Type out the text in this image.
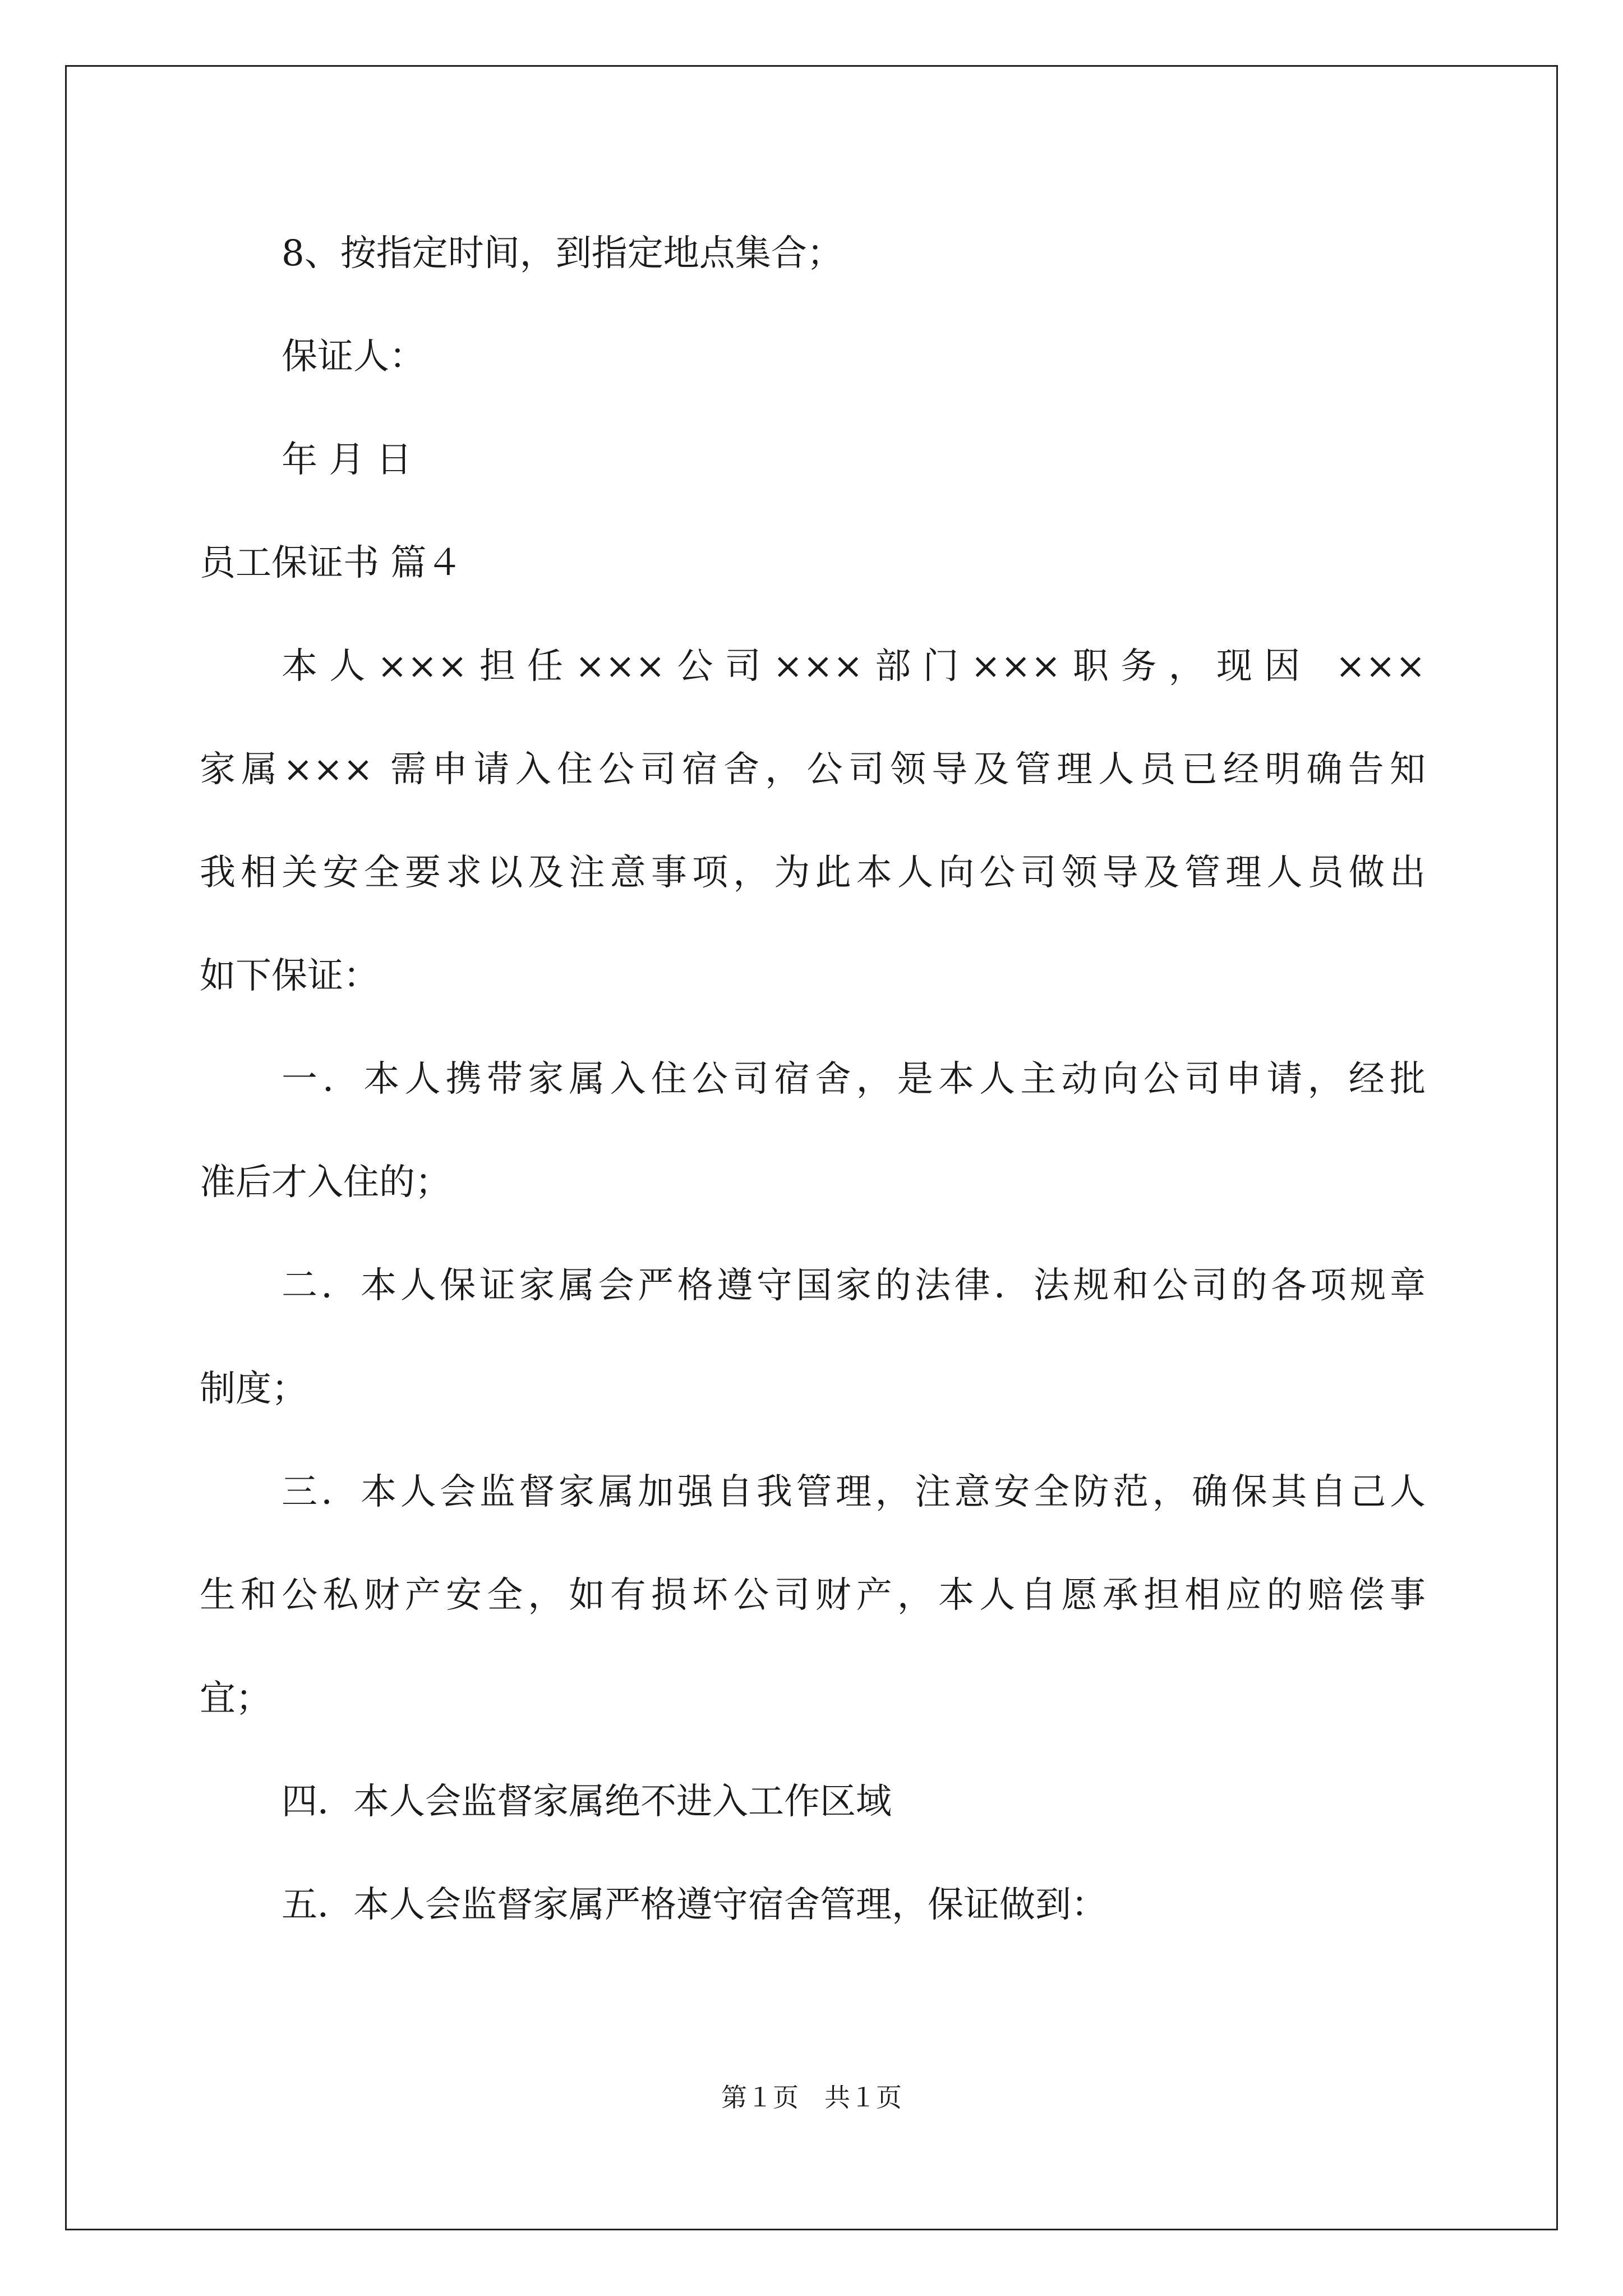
8、按指定时间，到指定地点集合；

保证人：

年 月 日

员工保证书 篇４

本人×××担任×××公司×××部门×××职务，现因 ×××

家属××× 需申请入住公司宿舍，公司领导及管理人员已经明确告知

我相关安全要求以及注意事项，为此本人向公司领导及管理人员做出

如下保证：

一．本人携带家属入住公司宿舍，是本人主动向公司申请，经批

准后才入住的；

二．本人保证家属会严格遵守国家的法律．法规和公司的各项规章

制度；

三．本人会监督家属加强自我管理，注意安全防范，确保其自己人

生和公私财产安全，如有损坏公司财产，本人自愿承担相应的赔偿事

宜；

四．本人会监督家属绝不进入工作区域

五．本人会监督家属严格遵守宿舍管理，保证做到：

第１页　共１页
